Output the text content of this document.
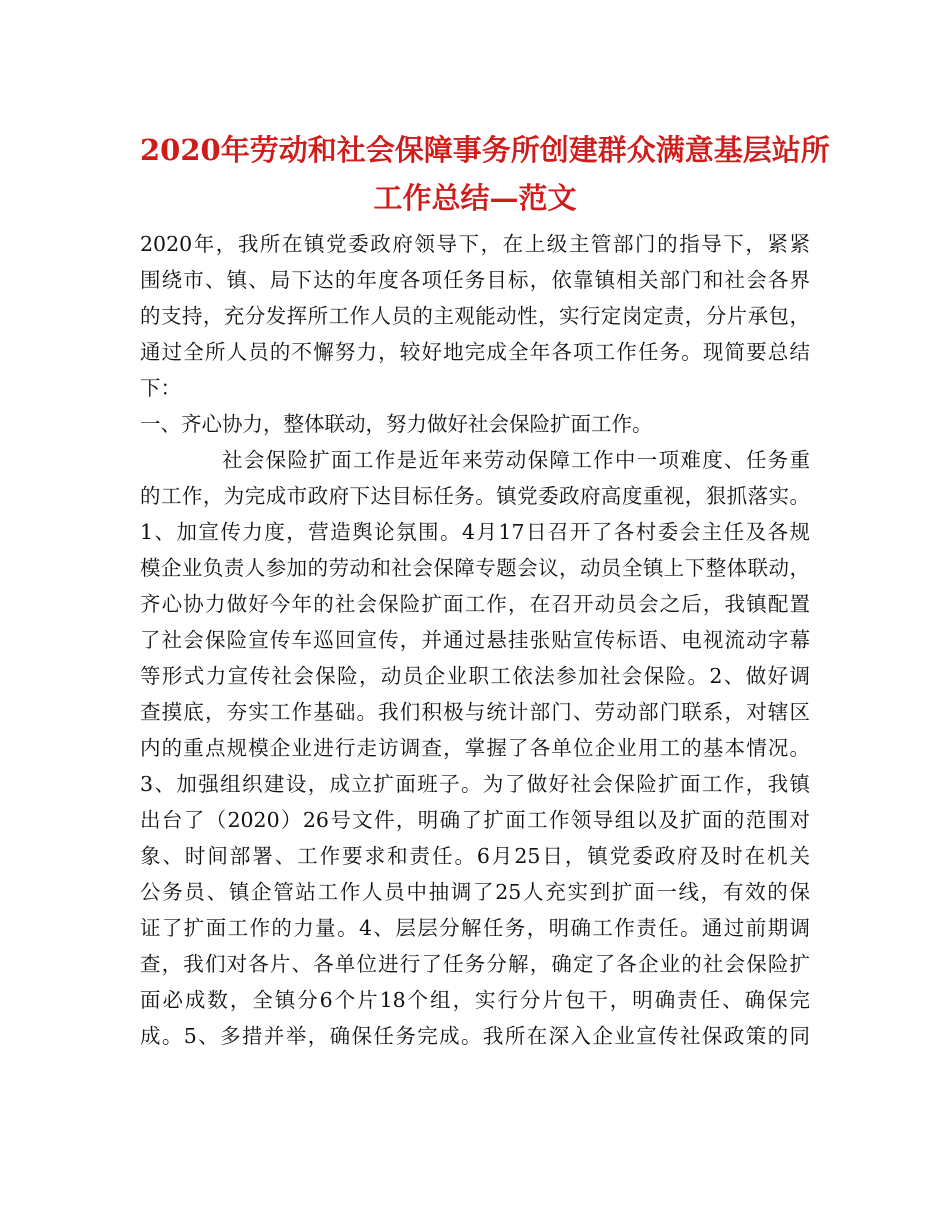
2020年劳动和社会保障事务所创建群众满意基层站所
工作总结—范文
2020年，我所在镇党委政府领导下，在上级主管部门的指导下，紧紧
围绕市、镇、局下达的年度各项任务目标，依靠镇相关部门和社会各界
的支持，充分发挥所工作人员的主观能动性，实行定岗定责，分片承包，
通过全所人员的不懈努力，较好地完成全年各项工作任务。现简要总结
下：
一、齐心协力，整体联动，努力做好社会保险扩面工作。
社会保险扩面工作是近年来劳动保障工作中一项难度、任务重
的工作，为完成市政府下达目标任务。镇党委政府高度重视，狠抓落实。
1、加宣传力度，营造舆论氛围。4月17日召开了各村委会主任及各规
模企业负责人参加的劳动和社会保障专题会议，动员全镇上下整体联动，
齐心协力做好今年的社会保险扩面工作，在召开动员会之后，我镇配置
了社会保险宣传车巡回宣传，并通过悬挂张贴宣传标语、电视流动字幕
等形式力宣传社会保险，动员企业职工依法参加社会保险。2、做好调
查摸底，夯实工作基础。我们积极与统计部门、劳动部门联系，对辖区
内的重点规模企业进行走访调查，掌握了各单位企业用工的基本情况。
3、加强组织建设，成立扩面班子。为了做好社会保险扩面工作，我镇
出台了（2020）26号文件，明确了扩面工作领导组以及扩面的范围对
象、时间部署、工作要求和责任。6月25日，镇党委政府及时在机关
公务员、镇企管站工作人员中抽调了25人充实到扩面一线，有效的保
证了扩面工作的力量。4、层层分解任务，明确工作责任。通过前期调
查，我们对各片、各单位进行了任务分解，确定了各企业的社会保险扩
面必成数，全镇分6个片18个组，实行分片包干，明确责任、确保完
成。5、多措并举，确保任务完成。我所在深入企业宣传社保政策的同
